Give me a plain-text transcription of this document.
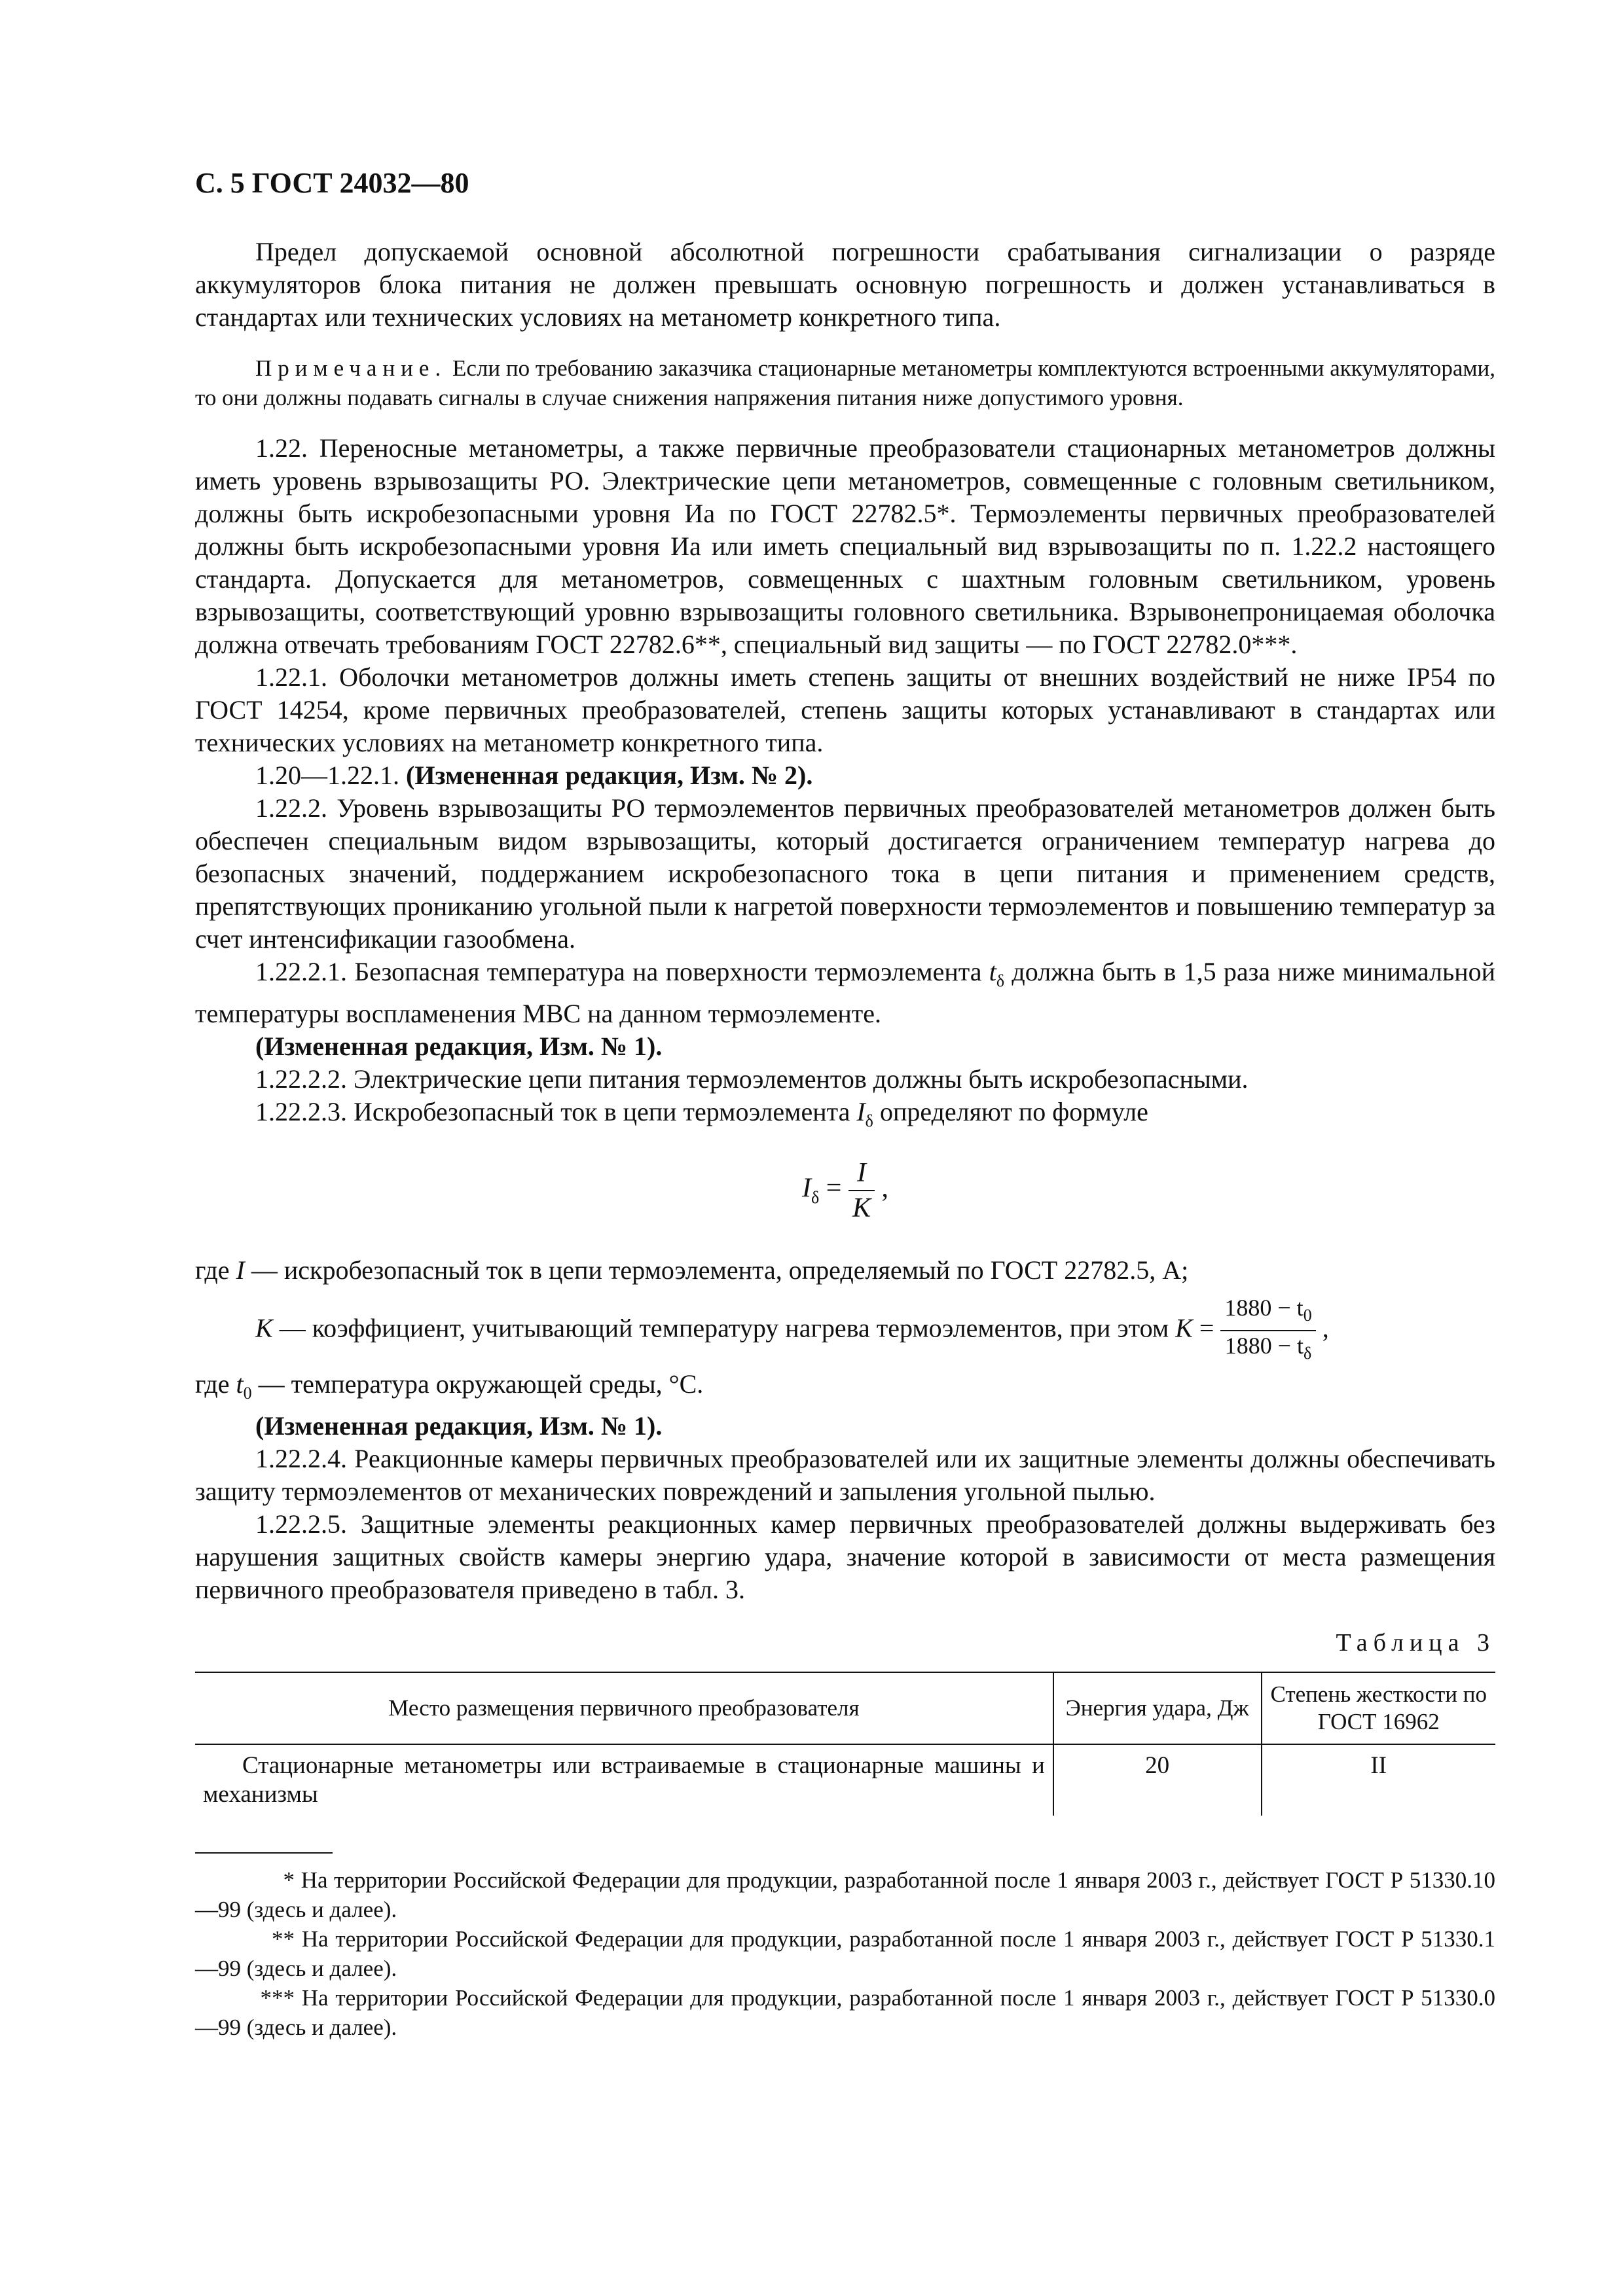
С. 5 ГОСТ 24032—80

Предел допускаемой основной абсолютной погрешности срабатывания сигнализации о разряде аккумуляторов блока питания не должен превышать основную погрешность и должен устанавливаться в стандартах или технических условиях на метанометр конкретного типа.

Примечание. Если по требованию заказчика стационарные метанометры комплектуются встроенными аккумуляторами, то они должны подавать сигналы в случае снижения напряжения питания ниже допустимого уровня.

1.22. Переносные метанометры, а также первичные преобразователи стационарных метанометров должны иметь уровень взрывозащиты РО. Электрические цепи метанометров, совмещенные с головным светильником, должны быть искробезопасными уровня Иа по ГОСТ 22782.5*. Термоэлементы первичных преобразователей должны быть искробезопасными уровня Иа или иметь специальный вид взрывозащиты по п. 1.22.2 настоящего стандарта. Допускается для метанометров, совмещенных с шахтным головным светильником, уровень взрывозащиты, соответствующий уровню взрывозащиты головного светильника. Взрывонепроницаемая оболочка должна отвечать требованиям ГОСТ 22782.6**, специальный вид защиты — по ГОСТ 22782.0***.

1.22.1. Оболочки метанометров должны иметь степень защиты от внешних воздействий не ниже IP54 по ГОСТ 14254, кроме первичных преобразователей, степень защиты которых устанавливают в стандартах или технических условиях на метанометр конкретного типа.

1.20—1.22.1. (Измененная редакция, Изм. № 2).

1.22.2. Уровень взрывозащиты РО термоэлементов первичных преобразователей метанометров должен быть обеспечен специальным видом взрывозащиты, который достигается ограничением температур нагрева до безопасных значений, поддержанием искробезопасного тока в цепи питания и применением средств, препятствующих прониканию угольной пыли к нагретой поверхности термоэлементов и повышению температур за счет интенсификации газообмена.

1.22.2.1. Безопасная температура на поверхности термоэлемента $t_\delta$ должна быть в 1,5 раза ниже минимальной температуры воспламенения МВС на данном термоэлементе.

(Измененная редакция, Изм. № 1).

1.22.2.2. Электрические цепи питания термоэлементов должны быть искробезопасными.

1.22.2.3. Искробезопасный ток в цепи термоэлемента $I_\delta$ определяют по формуле

$I_\delta = \frac{I}{K}$ ,

где I — искробезопасный ток в цепи термоэлемента, определяемый по ГОСТ 22782.5, А;

K — коэффициент, учитывающий температуру нагрева термоэлементов, при этом $K = \frac{1880 - t_0}{1880 - t_\delta}$ ,

где $t_0$ — температура окружающей среды, °С.

(Измененная редакция, Изм. № 1).

1.22.2.4. Реакционные камеры первичных преобразователей или их защитные элементы должны обеспечивать защиту термоэлементов от механических повреждений и запыления угольной пылью.

1.22.2.5. Защитные элементы реакционных камер первичных преобразователей должны выдерживать без нарушения защитных свойств камеры энергию удара, значение которой в зависимости от места размещения первичного преобразователя приведено в табл. 3.

Таблица 3
Место размещения первичного преобразователя	Энергия удара, Дж	Степень жесткости по ГОСТ 16962
Стационарные метанометры или встраиваемые в стационарные машины и механизмы	20	II

* На территории Российской Федерации для продукции, разработанной после 1 января 2003 г., действует ГОСТ Р 51330.10—99 (здесь и далее).

** На территории Российской Федерации для продукции, разработанной после 1 января 2003 г., действует ГОСТ Р 51330.1—99 (здесь и далее).

*** На территории Российской Федерации для продукции, разработанной после 1 января 2003 г., действует ГОСТ Р 51330.0—99 (здесь и далее).
